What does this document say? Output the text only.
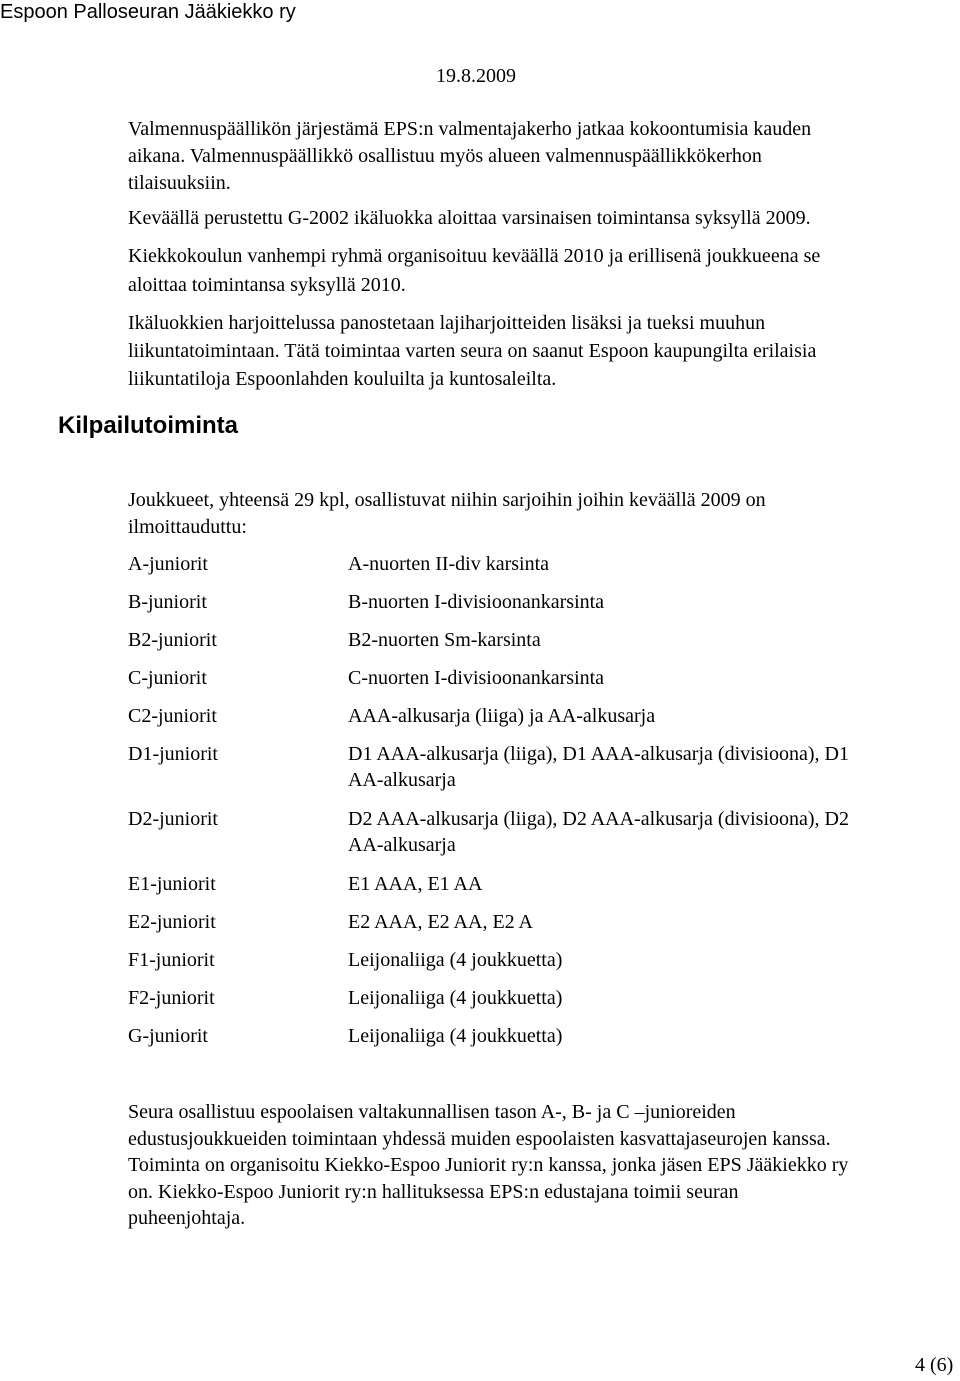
Espoon Palloseuran Jääkiekko ry
19.8.2009
Valmennuspäällikön järjestämä EPS:n valmentajakerho jatkaa kokoontumisia kauden
aikana. Valmennuspäällikkö osallistuu myös alueen valmennuspäällikkökerhon
tilaisuuksiin.
Keväällä perustettu G-2002 ikäluokka aloittaa varsinaisen toimintansa syksyllä 2009.
Kiekkokoulun vanhempi ryhmä organisoituu keväällä 2010 ja erillisenä joukkueena se
aloittaa toimintansa syksyllä 2010.
Ikäluokkien harjoittelussa panostetaan lajiharjoitteiden lisäksi ja tueksi muuhun
liikuntatoimintaan. Tätä toimintaa varten seura on saanut Espoon kaupungilta erilaisia
liikuntatiloja Espoonlahden kouluilta ja kuntosaleilta.
Kilpailutoiminta
Joukkueet, yhteensä 29 kpl, osallistuvat niihin sarjoihin joihin keväällä 2009 on
ilmoittauduttu:
A-juniorit	A-nuorten II-div karsinta
B-juniorit	B-nuorten I-divisioonankarsinta
B2-juniorit	B2-nuorten Sm-karsinta
C-juniorit	C-nuorten I-divisioonankarsinta
C2-juniorit	AAA-alkusarja (liiga) ja AA-alkusarja
D1-juniorit	D1 AAA-alkusarja (liiga), D1 AAA-alkusarja (divisioona), D1
AA-alkusarja
D2-juniorit	D2 AAA-alkusarja (liiga), D2 AAA-alkusarja (divisioona), D2
AA-alkusarja
E1-juniorit	E1 AAA, E1 AA
E2-juniorit	E2 AAA, E2 AA, E2 A
F1-juniorit	Leijonaliiga (4 joukkuetta)
F2-juniorit	Leijonaliiga (4 joukkuetta)
G-juniorit	Leijonaliiga (4 joukkuetta)
Seura osallistuu espoolaisen valtakunnallisen tason A-, B- ja C –junioreiden
edustusjoukkueiden toimintaan yhdessä muiden espoolaisten kasvattajaseurojen kanssa.
Toiminta on organisoitu Kiekko-Espoo Juniorit ry:n kanssa, jonka jäsen EPS Jääkiekko ry
on. Kiekko-Espoo Juniorit ry:n hallituksessa EPS:n edustajana toimii seuran
puheenjohtaja.
4 (6)
